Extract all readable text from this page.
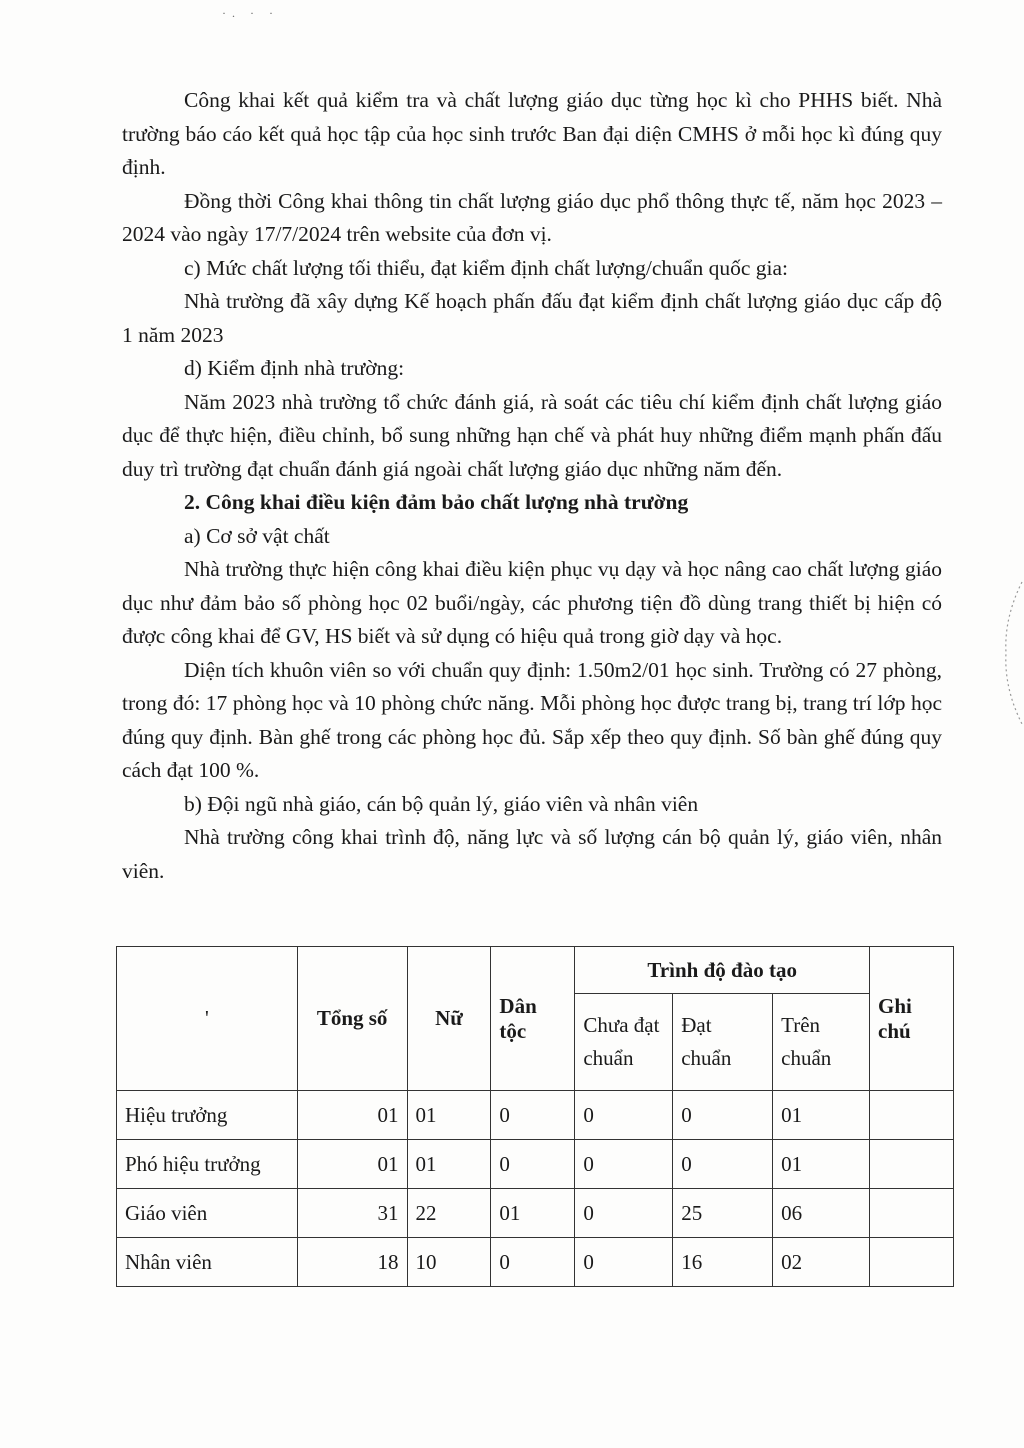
·. · ·

Công khai kết quả kiểm tra và chất lượng giáo dục từng học kì cho PHHS biết. Nhà trường báo cáo kết quả học tập của học sinh trước Ban đại diện CMHS ở mỗi học kì đúng quy định.

Đồng thời Công khai thông tin chất lượng giáo dục phổ thông thực tế, năm học 2023 – 2024 vào ngày 17/7/2024 trên website của đơn vị.

c) Mức chất lượng tối thiểu, đạt kiểm định chất lượng/chuẩn quốc gia:

Nhà trường đã xây dựng Kế hoạch phấn đấu đạt kiểm định chất lượng giáo dục cấp độ 1 năm 2023

d) Kiểm định nhà trường:

Năm 2023 nhà trường tổ chức đánh giá, rà soát các tiêu chí kiểm định chất lượng giáo dục để thực hiện, điều chỉnh, bổ sung những hạn chế và phát huy những điểm mạnh phấn đấu duy trì trường đạt chuẩn đánh giá ngoài chất lượng giáo dục những năm đến.

2. Công khai điều kiện đảm bảo chất lượng nhà trường

a) Cơ sở vật chất

Nhà trường thực hiện công khai điều kiện phục vụ dạy và học nâng cao chất lượng giáo dục như đảm bảo số phòng học 02 buổi/ngày, các phương tiện đồ dùng trang thiết bị hiện có được công khai để GV, HS biết và sử dụng có hiệu quả trong giờ dạy và học.

Diện tích khuôn viên so với chuẩn quy định: 1.50m2/01 học sinh. Trường có 27 phòng, trong đó: 17 phòng học và 10 phòng chức năng. Mỗi phòng học được trang bị, trang trí lớp học đúng quy định. Bàn ghế trong các phòng học đủ. Sắp xếp theo quy định. Số bàn ghế đúng quy cách đạt 100 %.

b) Đội ngũ nhà giáo, cán bộ quản lý, giáo viên và nhân viên

Nhà trường công khai trình độ, năng lực và số lượng cán bộ quản lý, giáo viên, nhân viên.

'	Tổng số	Nữ	Dân tộc	Trình độ đào tạo			Ghi chú
				Chưa đạt chuẩn	Đạt chuẩn	Trên chuẩn	
Hiệu trưởng	01	01	0	0	0	01	
Phó hiệu trưởng	01	01	0	0	0	01	
Giáo viên	31	22	01	0	25	06	
Nhân viên	18	10	0	0	16	02	
